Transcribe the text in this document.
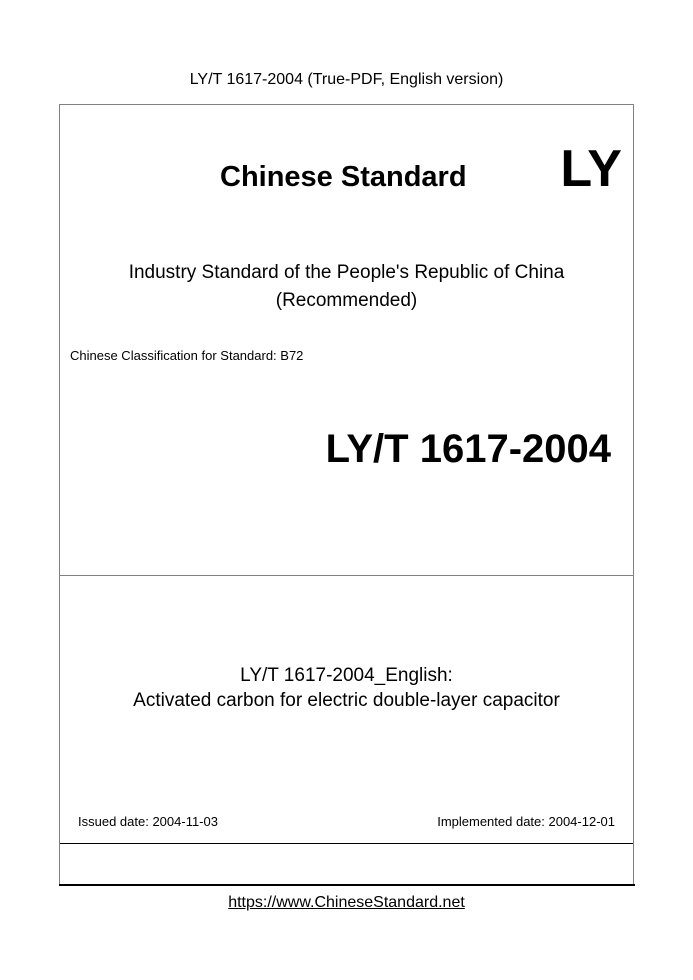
LY/T 1617-2004 (True-PDF, English version)
Chinese Standard LY
Industry Standard of the People's Republic of China
(Recommended)
Chinese Classification for Standard: B72
LY/T 1617-2004
LY/T 1617-2004_English:
Activated carbon for electric double-layer capacitor
Issued date: 2004-11-03	Implemented date: 2004-12-01
https://www.ChineseStandard.net
